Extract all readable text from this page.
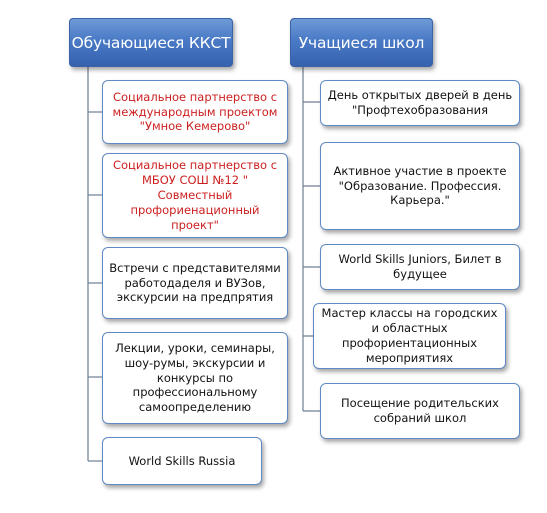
Обучающиеся ККСТ
Социальное партнерство с международным проектом "Умное Кемерово"
Социальное партнерство с МБОУ СОШ №12 " Совместный профориенационный проект"
Встречи с представителями работодаделя и ВУЗов, экскурсии на предпрятия
Лекции, уроки, семинары, шоу-румы, экскурсии и конкурсы по профессиональному самоопределению
World Skills Russia
Учащиеся школ
День открытых дверей в день "Профтехобразования
Активное участие в проекте "Образование. Профессия. Карьера."
World Skills Juniors, Билет в будущее
Мастер классы на городских и областных профориентационных мероприятиях
Посещение родительских собраний школ
